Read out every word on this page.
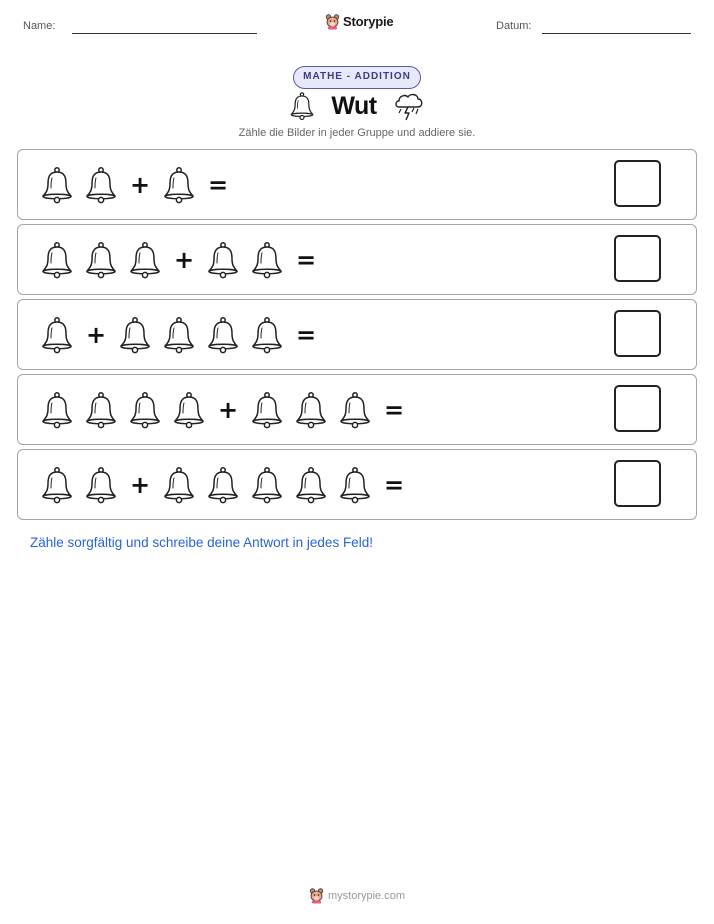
Name:	Storypie	Datum:
MATHE - ADDITION
Wut
Zähle die Bilder in jeder Gruppe und addiere sie.
+ =
+	=
+	=
+	=
+	=
Zähle sorgfältig und schreibe deine Antwort in jedes Feld!
mystorypie.com
